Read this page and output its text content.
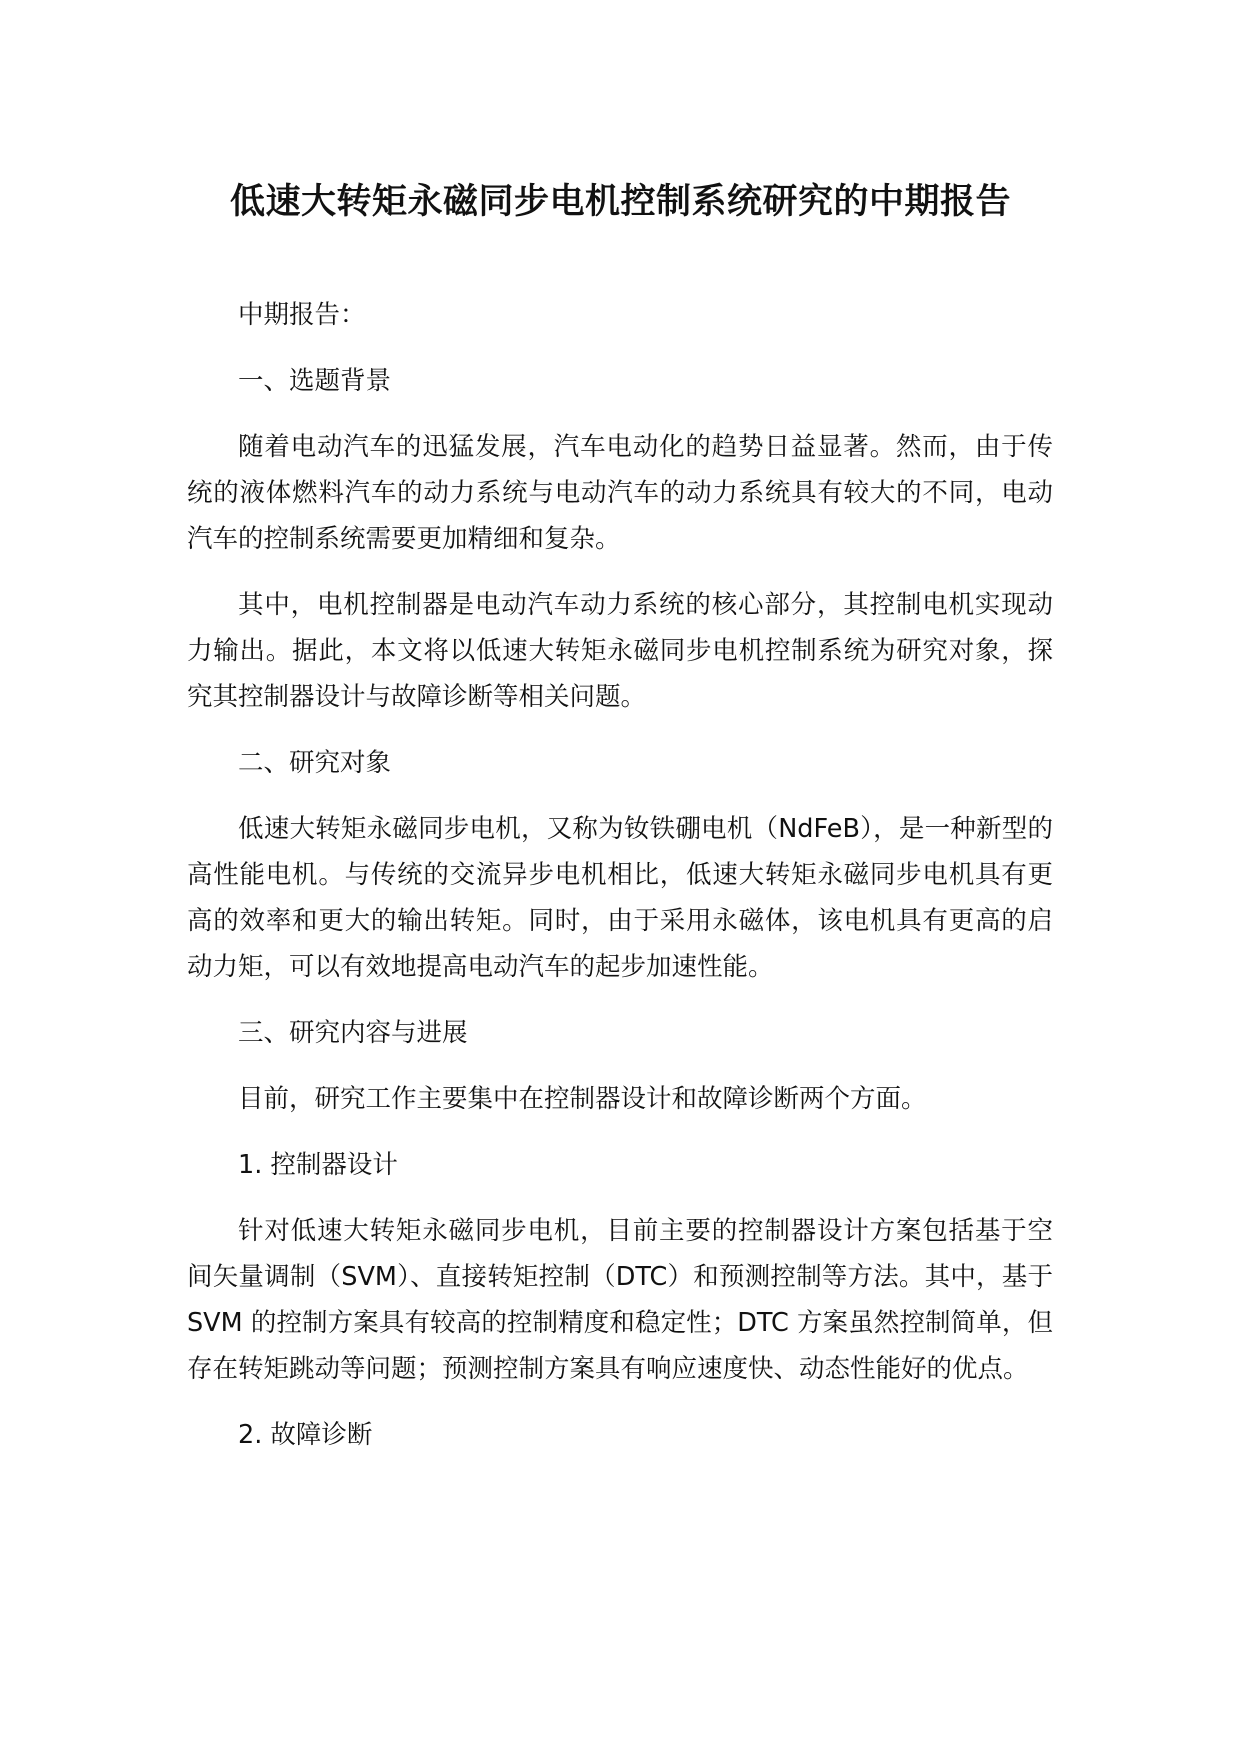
低速大转矩永磁同步电机控制系统研究的中期报告

中期报告：

一、选题背景

随着电动汽车的迅猛发展，汽车电动化的趋势日益显著。然而，由于传统的液体燃料汽车的动力系统与电动汽车的动力系统具有较大的不同，电动汽车的控制系统需要更加精细和复杂。

其中，电机控制器是电动汽车动力系统的核心部分，其控制电机实现动力输出。据此，本文将以低速大转矩永磁同步电机控制系统为研究对象，探究其控制器设计与故障诊断等相关问题。

二、研究对象

低速大转矩永磁同步电机，又称为钕铁硼电机（NdFeB），是一种新型的高性能电机。与传统的交流异步电机相比，低速大转矩永磁同步电机具有更高的效率和更大的输出转矩。同时，由于采用永磁体，该电机具有更高的启动力矩，可以有效地提高电动汽车的起步加速性能。

三、研究内容与进展

目前，研究工作主要集中在控制器设计和故障诊断两个方面。

1. 控制器设计

针对低速大转矩永磁同步电机，目前主要的控制器设计方案包括基于空间矢量调制（SVM）、直接转矩控制（DTC）和预测控制等方法。其中，基于 SVM 的控制方案具有较高的控制精度和稳定性；DTC 方案虽然控制简单，但存在转矩跳动等问题；预测控制方案具有响应速度快、动态性能好的优点。

2. 故障诊断
